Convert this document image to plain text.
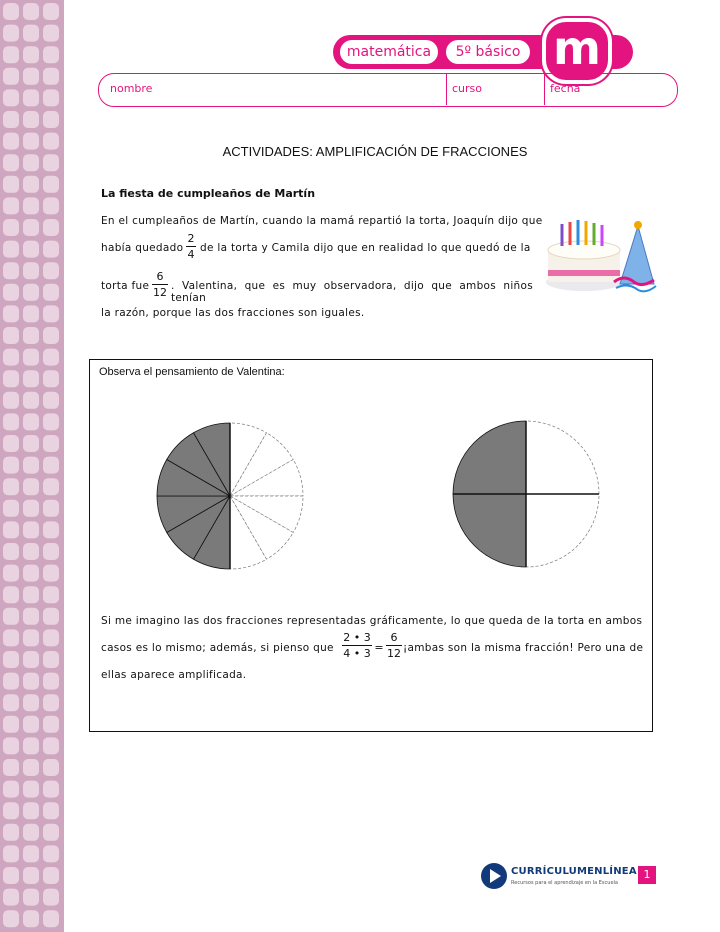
matemática	5º básico m
nombre	curso	fecha
ACTIVIDADES: AMPLIFICACIÓN DE FRACCIONES
La fiesta de cumpleaños de Martín
En el cumpleaños de Martín, cuando la mamá repartió la torta, Joaquín dijo que
había quedado
2
4 de la torta y Camila dijo que en realidad lo que quedó de la
torta fue
6
12 . Valentina, que es muy observadora, dijo que ambos niños tenían
la razón, porque las dos fracciones son iguales.
Observa el pensamiento de Valentina:
Si me imagino las dos fracciones representadas gráficamente, lo que queda de la torta en ambos
casos es lo mismo; además, si pienso que
2 • 3
4 • 3 =
6
12 ¡ambas son la misma fracción! Pero una de
ellas aparece amplificada.
CURRÍCULUMENLÍNEA
Recursos para el aprendizaje en la Escuela
1
